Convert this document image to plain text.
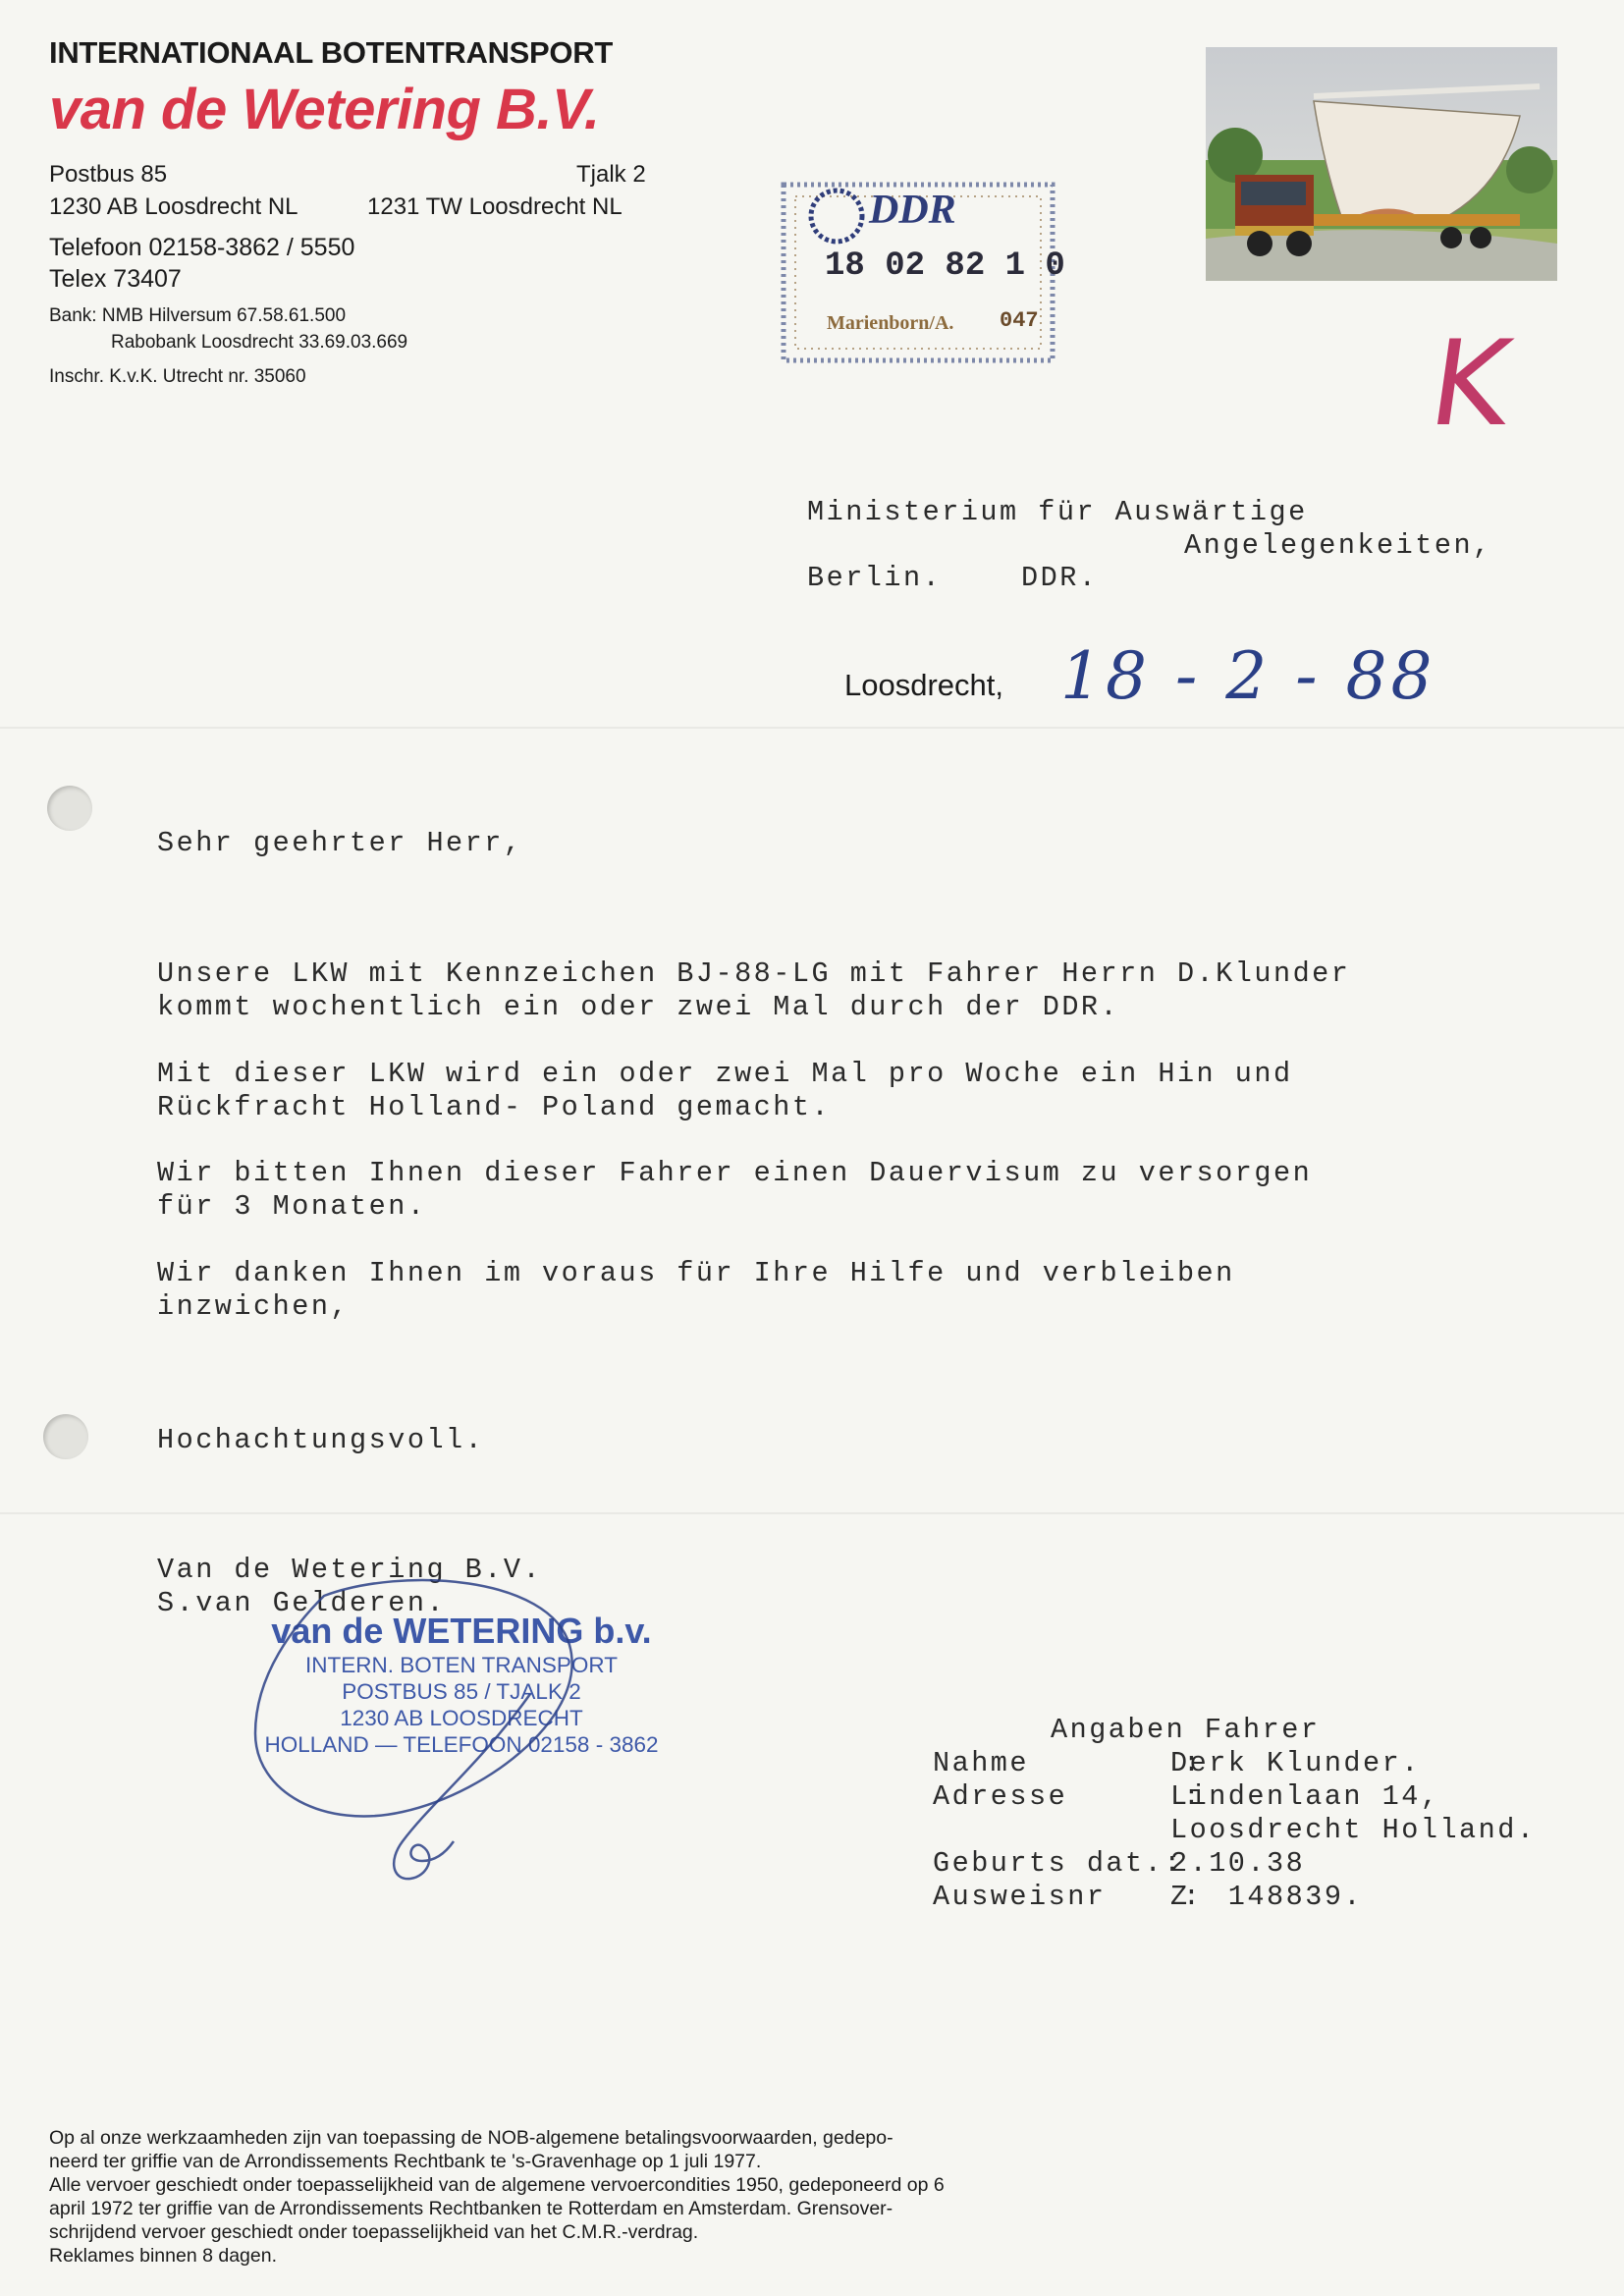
INTERNATIONAAL BOTENTRANSPORT
van de Wetering B.V.
Postbus 85
1230 AB Loosdrecht NL
Tjalk 2
1231 TW Loosdrecht NL
Telefoon 02158-3862 / 5550
Telex 73407
Bank: NMB Hilversum 67.58.61.500
Rabobank Loosdrecht 33.69.03.669
Inschr. K.v.K. Utrecht nr. 35060
DDR
18 02 82 1 0
Marienborn/A. 047	K
Ministerium für Auswärtige
Angelegenkeiten,
Berlin.	DDR.
Loosdrecht, 18 - 2 - 88
Sehr geehrter Herr,
Unsere LKW mit Kennzeichen BJ-88-LG mit Fahrer Herrn D.Klunder
kommt wochentlich ein oder zwei Mal durch der DDR.
Mit dieser LKW wird ein oder zwei Mal pro Woche ein Hin und
Rückfracht Holland- Poland gemacht.
Wir bitten Ihnen dieser Fahrer einen Dauervisum zu versorgen
für 3 Monaten.
Wir danken Ihnen im voraus für Ihre Hilfe und verbleiben
inzwichen,
Hochachtungsvoll.
Van de Wetering B.V.
S.van Gelderen.
van de WETERING b.v.
INTERN. BOTEN TRANSPORT
POSTBUS 85 / TJALK 2
1230 AB LOOSDRECHT
HOLLAND — TELEFOON 02158 - 3862	Angaben Fahrer
Nahme        :
Derk Klunder.
Adresse      :
Lindenlaan 14,
Loosdrecht Holland.
Geburts dat.:
2.10.38
Ausweisnr    :
Z  148839.
Op al onze werkzaamheden zijn van toepassing de NOB-algemene betalingsvoorwaarden, gedepo-
neerd ter griffie van de Arrondissements Rechtbank te 's-Gravenhage op 1 juli 1977.
Alle vervoer geschiedt onder toepasselijkheid van de algemene vervoercondities 1950, gedeponeerd op 6
april 1972 ter griffie van de Arrondissements Rechtbanken te Rotterdam en Amsterdam. Grensover-
schrijdend vervoer geschiedt onder toepasselijkheid van het C.M.R.-verdrag.
Reklames binnen 8 dagen.
